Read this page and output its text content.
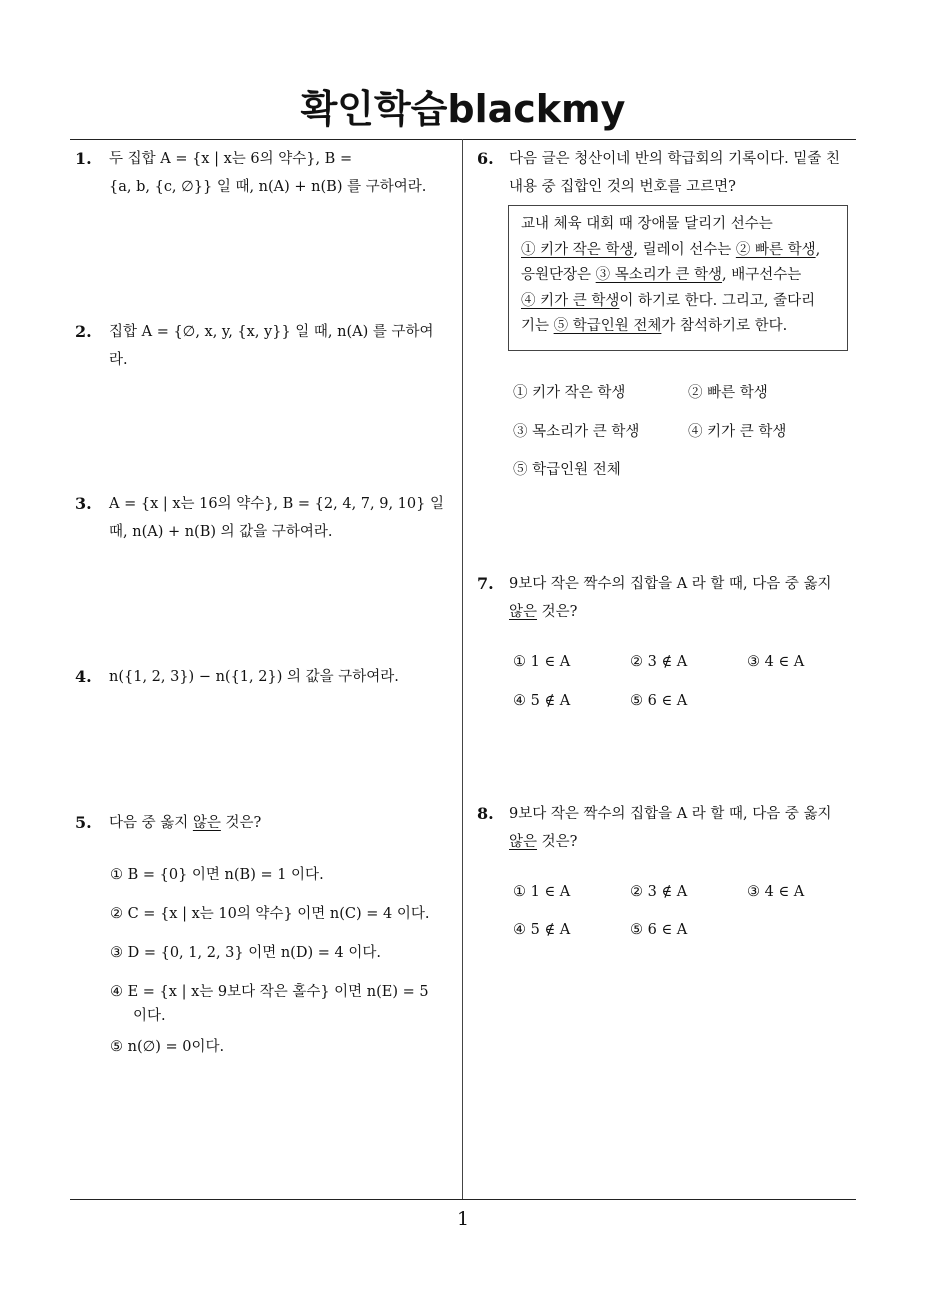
확인학습blackmy
1. 두 집합 A = {x | x는 6의 약수}, B =
{a, b, {c, ∅}} 일 때, n(A) + n(B) 를 구하여라.
2. 집합 A = {∅, x, y, {x, y}} 일 때, n(A) 를 구하여
라.
3. A = {x | x는 16의 약수}, B = {2, 4, 7, 9, 10} 일
때, n(A) + n(B) 의 값을 구하여라.
4. n({1, 2, 3}) − n({1, 2}) 의 값을 구하여라.
5. 다음 중 옳지 않은 것은?
① B = {0} 이면 n(B) = 1 이다.
② C = {x | x는 10의 약수} 이면 n(C) = 4 이다.
③ D = {0, 1, 2, 3} 이면 n(D) = 4 이다.
④ E = {x | x는 9보다 작은 홀수} 이면 n(E) = 5
이다.
⑤ n(∅) = 0이다.
6. 다음 글은 청산이네 반의 학급회의 기록이다. 밑줄 친
내용 중 집합인 것의 번호를 고르면?
교내 체육 대회 때 장애물 달리기 선수는
① 키가 작은 학생, 릴레이 선수는 ② 빠른 학생,
응원단장은 ③ 목소리가 큰 학생, 배구선수는
④ 키가 큰 학생이 하기로 한다. 그리고, 줄다리
기는 ⑤ 학급인원 전체가 참석하기로 한다.
① 키가 작은 학생	② 빠른 학생
③ 목소리가 큰 학생	④ 키가 큰 학생
⑤ 학급인원 전체
7. 9보다 작은 짝수의 집합을 A 라 할 때, 다음 중 옳지
않은 것은?
① 1 ∈ A	② 3 ∉ A	③ 4 ∈ A
④ 5 ∉ A	⑤ 6 ∈ A
8. 9보다 작은 짝수의 집합을 A 라 할 때, 다음 중 옳지
않은 것은?
① 1 ∈ A	② 3 ∉ A	③ 4 ∈ A
④ 5 ∉ A	⑤ 6 ∈ A
1
